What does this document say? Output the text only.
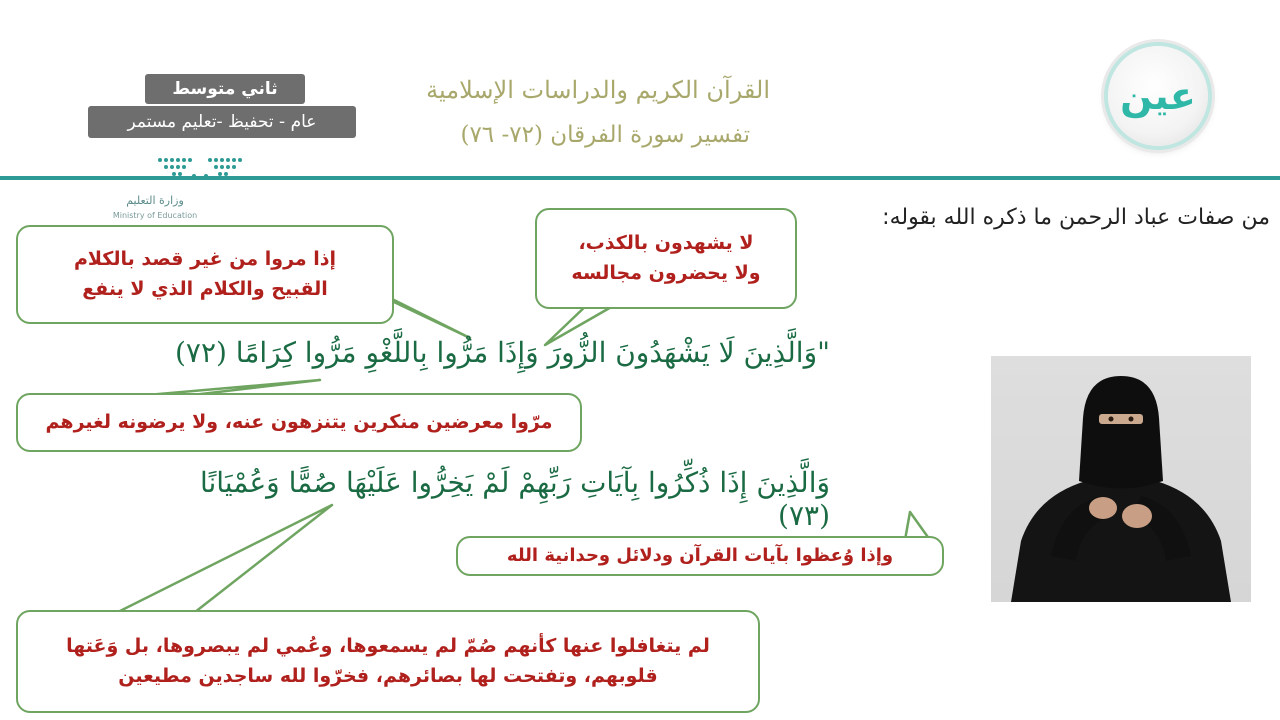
عين
القرآن الكريم والدراسات الإسلامية
تفسير سورة الفرقان (٧٢- ٧٦)
ثاني متوسط
عام - تحفيظ -تعليم مستمر
وزارة التعليم
Ministry of Education	من صفات عباد الرحمن ما ذكره الله بقوله:
"وَالَّذِينَ لَا يَشْهَدُونَ الزُّورَ وَإِذَا مَرُّوا بِاللَّغْوِ مَرُّوا كِرَامًا (٧٢)
وَالَّذِينَ إِذَا ذُكِّرُوا بِآيَاتِ رَبِّهِمْ لَمْ يَخِرُّوا عَلَيْهَا صُمًّا وَعُمْيَانًا (٧٣)
إذا مروا من غير قصد بالكلام
القبيح والكلام الذي لا ينفع
لا يشهدون بالكذب،
ولا يحضرون مجالسه
مرّوا معرضين منكرين يتنزهون عنه، ولا يرضونه لغيرهم
وإذا وُعظوا بآيات القرآن ودلائل وحدانية الله
لم يتغافلوا عنها كأنهم صُمّ لم يسمعوها، وعُمي لم يبصروها، بل وَعَتها
قلوبهم، وتفتحت لها بصائرهم، فخرّوا لله ساجدين مطيعين
